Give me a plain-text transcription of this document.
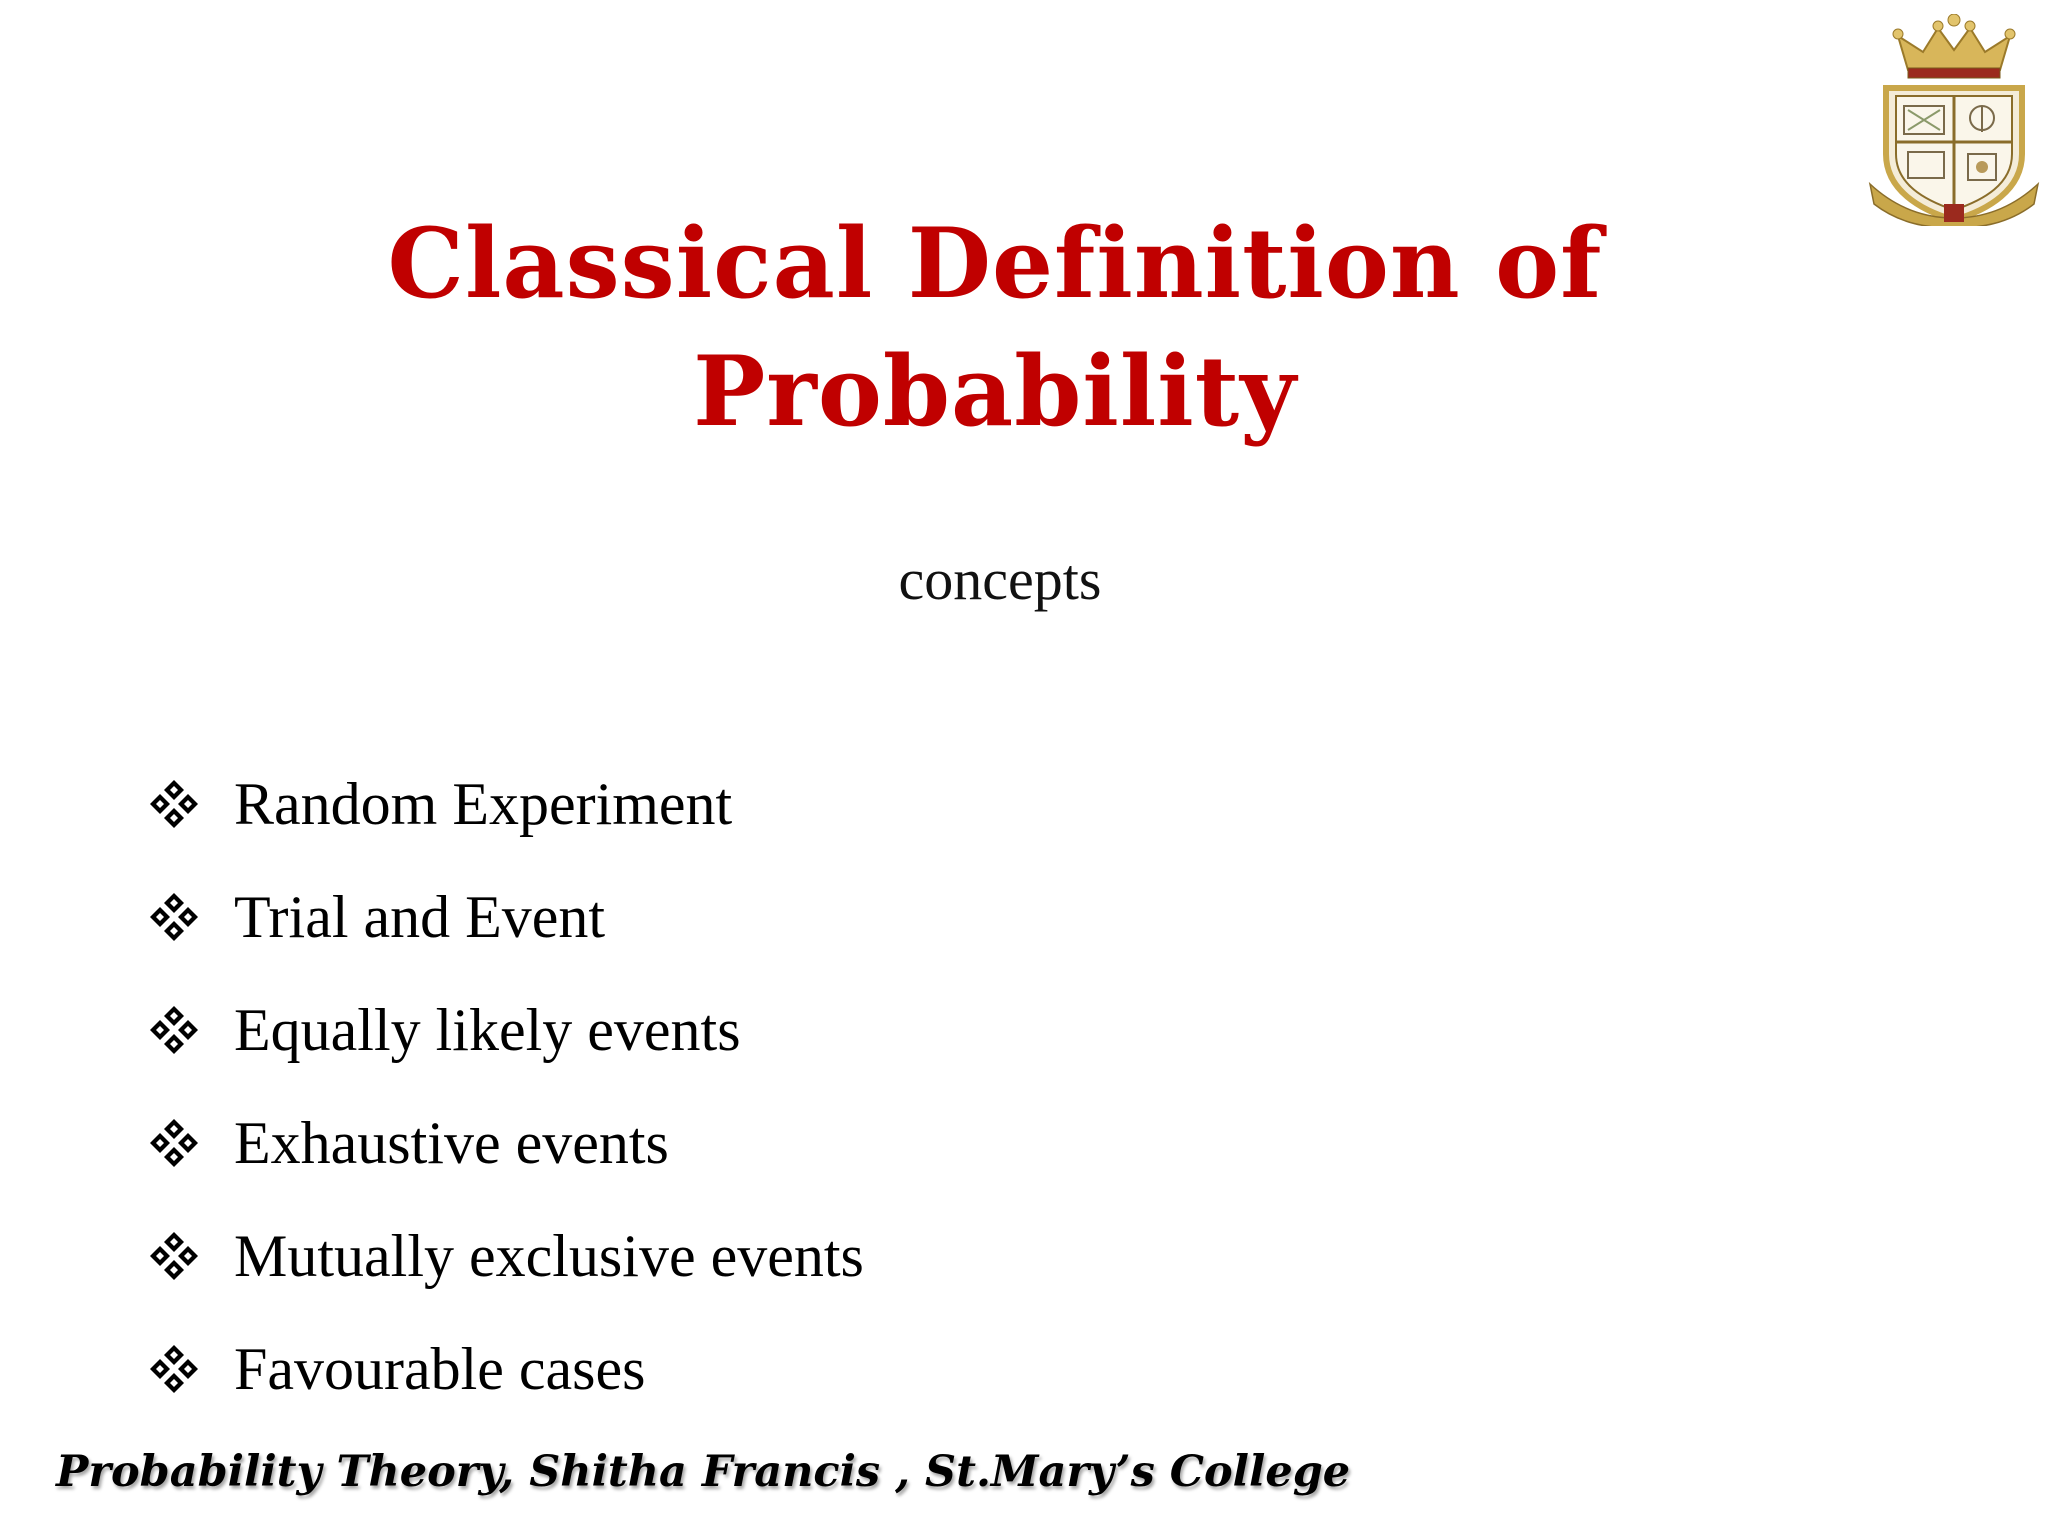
Classical Definition of
Probability
concepts
Random Experiment
Trial and Event
Equally likely events
Exhaustive events
Mutually exclusive events
Favourable cases
Probability Theory, Shitha Francis , St.Mary’s College
